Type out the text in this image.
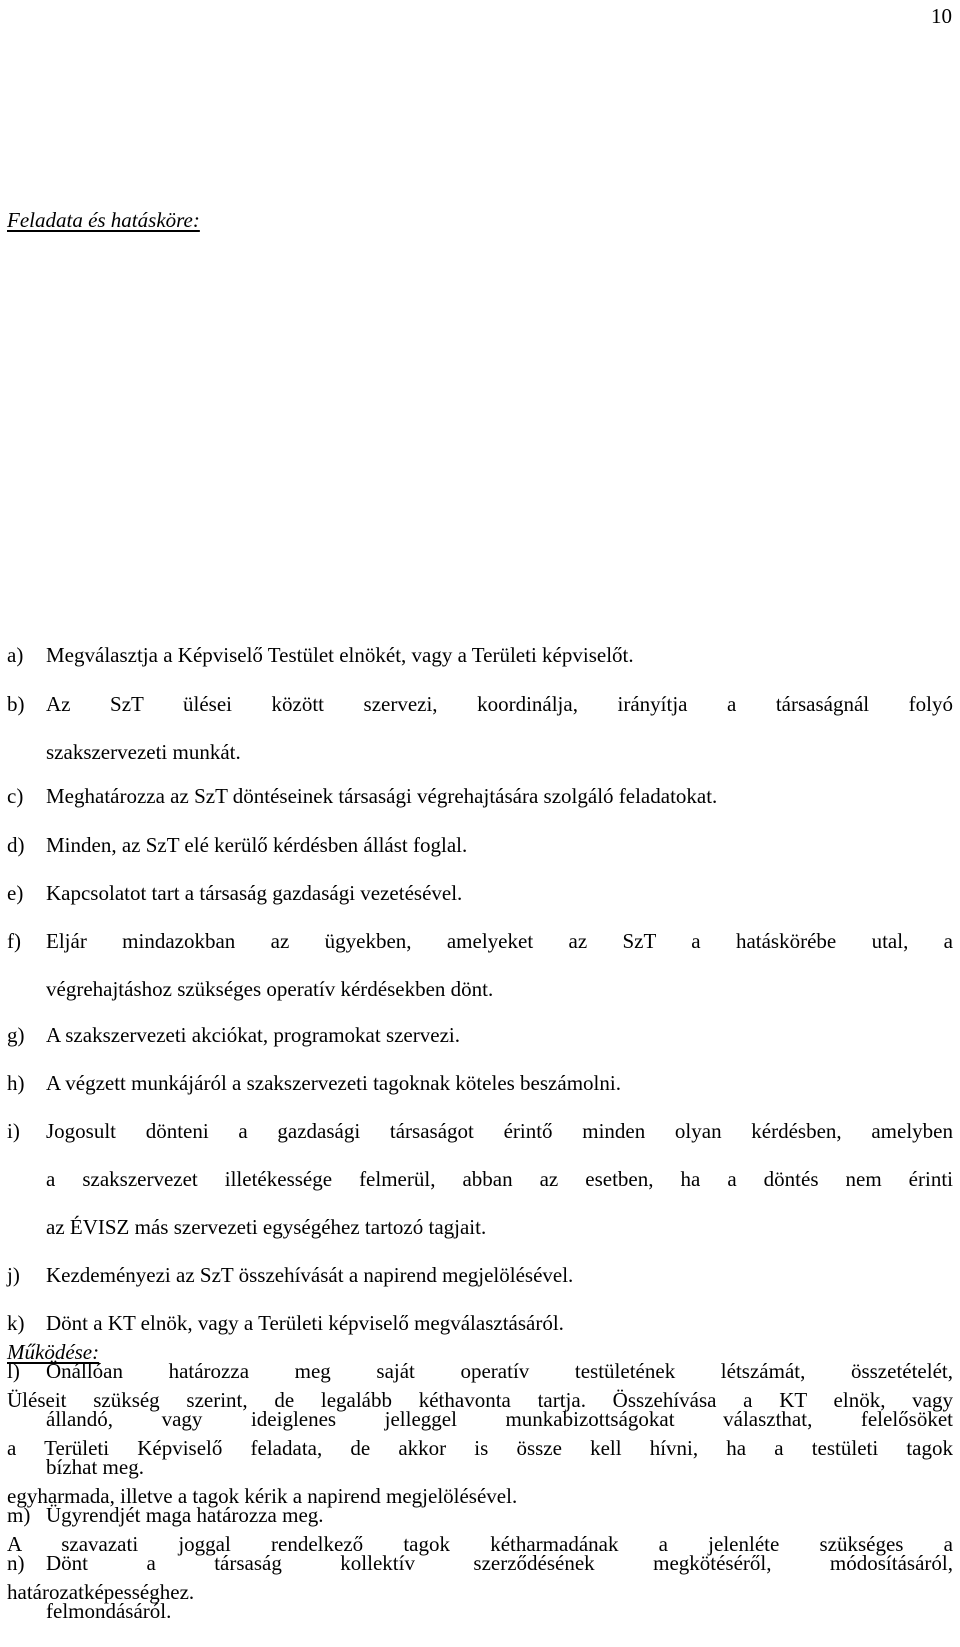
10
Feladata és hatásköre:
a)	Megválasztja a Képviselő Testület elnökét, vagy a Területi képviselőt.
b)	Az SzT ülései között szervezi, koordinálja, irányítja a társaságnál folyó
szakszervezeti munkát.
c)	Meghatározza az SzT döntéseinek társasági végrehajtására szolgáló feladatokat.
d)	Minden, az SzT elé kerülő kérdésben állást foglal.
e)	Kapcsolatot tart a társaság gazdasági vezetésével.
f)	Eljár mindazokban az ügyekben, amelyeket az SzT a hatáskörébe utal, a
végrehajtáshoz szükséges operatív kérdésekben dönt.
g)	A szakszervezeti akciókat, programokat szervezi.
h)	A végzett munkájáról a szakszervezeti tagoknak köteles beszámolni.
i)	Jogosult dönteni a gazdasági társaságot érintő minden olyan kérdésben, amelyben
a szakszervezet illetékessége felmerül, abban az esetben, ha a döntés nem érinti
az ÉVISZ más szervezeti egységéhez tartozó tagjait.
j)	Kezdeményezi az SzT összehívását a napirend megjelölésével.
k)	Dönt a KT elnök, vagy a Területi képviselő megválasztásáról.
l)	Önállóan határozza meg saját operatív testületének létszámát, összetételét,
állandó, vagy ideiglenes jelleggel munkabizottságokat választhat, felelősöket
bízhat meg.
m) Ügyrendjét maga határozza meg.
n)	Dönt a társaság kollektív szerződésének megkötéséről, módosításáról,
felmondásáról.
Működése:
Üléseit szükség szerint, de legalább kéthavonta tartja. Összehívása a KT elnök, vagy
a Területi Képviselő feladata, de akkor is össze kell hívni, ha a testületi tagok
egyharmada, illetve a tagok kérik a napirend megjelölésével.
A szavazati joggal rendelkező tagok kétharmadának a jelenléte szükséges a
határozatképességhez.
